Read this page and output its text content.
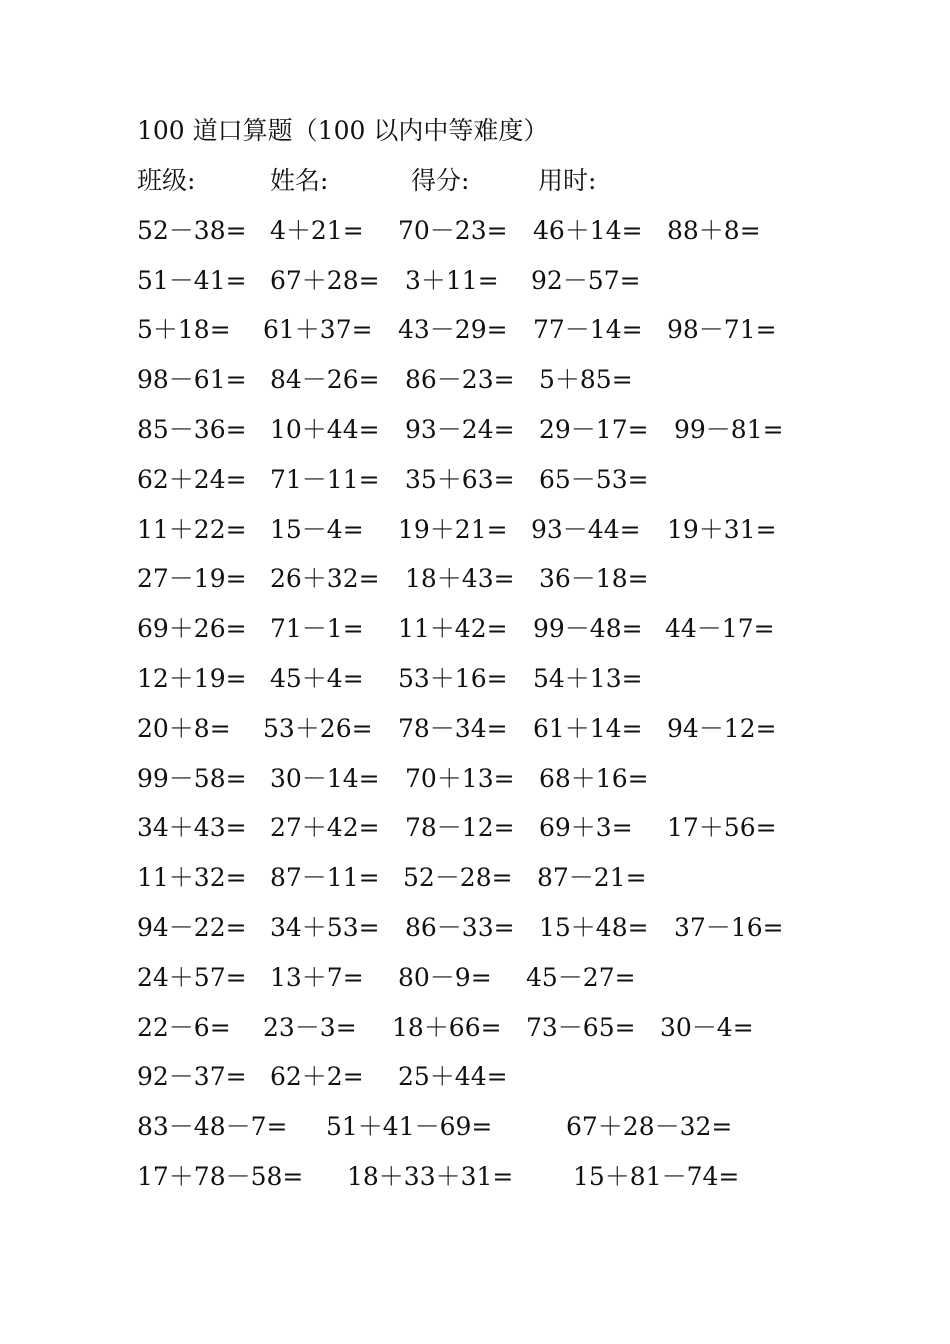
100 道口算题（100 以内中等难度）
班级:	姓名:	得分:	用时:
52－38= 4＋21= 70－23= 46＋14= 88＋8=
51－41= 67＋28= 3＋11= 92－57=
5＋18= 61＋37= 43－29= 77－14= 98－71=
98－61= 84－26= 86－23= 5＋85=
85－36= 10＋44= 93－24= 29－17= 99－81=
62＋24= 71－11= 35＋63= 65－53=
11＋22= 15－4= 19＋21= 93－44= 19＋31=
27－19= 26＋32= 18＋43= 36－18=
69＋26= 71－1= 11＋42= 99－48= 44－17=
12＋19= 45＋4= 53＋16= 54＋13=
20＋8= 53＋26= 78－34= 61＋14= 94－12=
99－58= 30－14= 70＋13= 68＋16=
34＋43= 27＋42= 78－12= 69＋3= 17＋56=
11＋32= 87－11= 52－28= 87－21=
94－22= 34＋53= 86－33= 15＋48= 37－16=
24＋57= 13＋7= 80－9= 45－27=
22－6= 23－3= 18＋66= 73－65= 30－4=
92－37= 62＋2= 25＋44=
83－48－7= 51＋41－69=	67＋28－32=
17＋78－58= 18＋33＋31= 15＋81－74=
